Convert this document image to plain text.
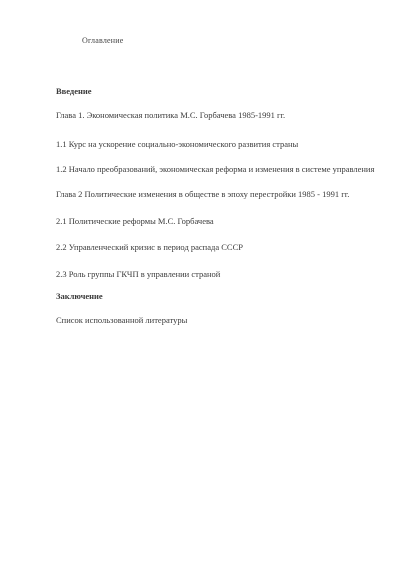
Оглавление
Введение
Глава 1. Экономическая политика М.С. Горбачева 1985-1991 гг.
1.1 Курс на ускорение социально-экономического развития страны
1.2 Начало преобразований, экономическая реформа и изменения в системе управления
Глава 2 Политические изменения в обществе в эпоху перестройки 1985 - 1991 гг.
2.1 Политические реформы М.С. Горбачева
2.2 Управленческий кризис в период распада СССР
2.3 Роль группы ГКЧП в управлении страной
Заключение
Список использованной литературы
